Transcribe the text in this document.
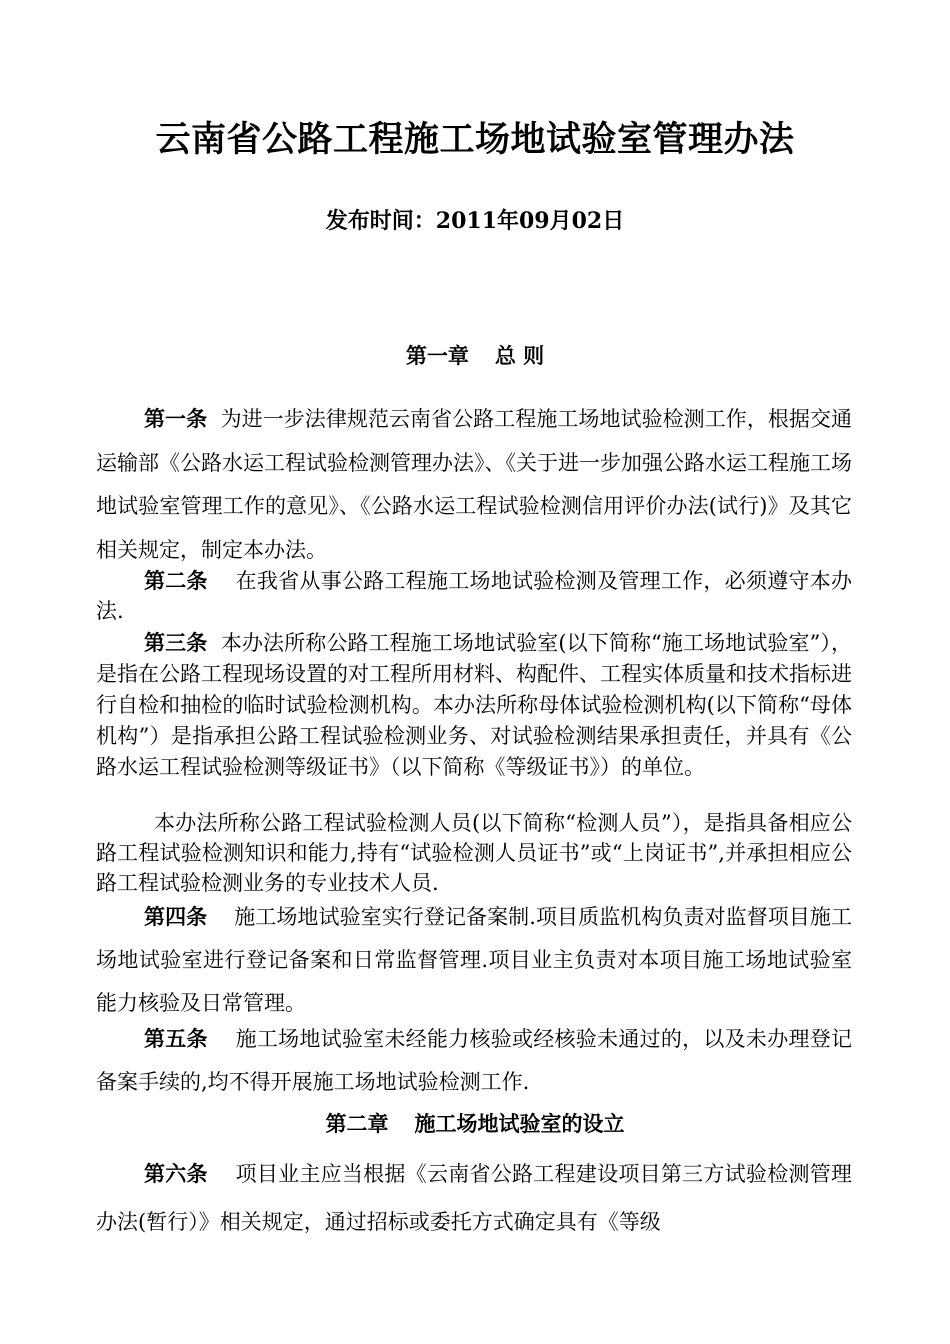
云南省公路工程施工场地试验室管理办法
发布时间：2011年09月02日
第一章 总 则

第一条 为进一步法律规范云南省公路工程施工场地试验检测工作，根据交通运输部《公路水运工程试验检测管理办法》、《关于进一步加强公路水运工程施工场地试验室管理工作的意见》、《公路水运工程试验检测信用评价办法(试行)》及其它相关规定，制定本办法。

第二条 在我省从事公路工程施工场地试验检测及管理工作，必须遵守本办法.

第三条 本办法所称公路工程施工场地试验室(以下简称“施工场地试验室”），是指在公路工程现场设置的对工程所用材料、构配件、工程实体质量和技术指标进行自检和抽检的临时试验检测机构。本办法所称母体试验检测机构(以下简称“母体机构”）是指承担公路工程试验检测业务、对试验检测结果承担责任，并具有《公路水运工程试验检测等级证书》（以下简称《等级证书》）的单位。

本办法所称公路工程试验检测人员(以下简称“检测人员”），是指具备相应公路工程试验检测知识和能力,持有“试验检测人员证书”或“上岗证书”,并承担相应公路工程试验检测业务的专业技术人员.

第四条 施工场地试验室实行登记备案制.项目质监机构负责对监督项目施工场地试验室进行登记备案和日常监督管理.项目业主负责对本项目施工场地试验室能力核验及日常管理。

第五条 施工场地试验室未经能力核验或经核验未通过的，以及未办理登记备案手续的,均不得开展施工场地试验检测工作.

第二章 施工场地试验室的设立

第六条 项目业主应当根据《云南省公路工程建设项目第三方试验检测管理办法(暂行）》相关规定，通过招标或委托方式确定具有《等级
